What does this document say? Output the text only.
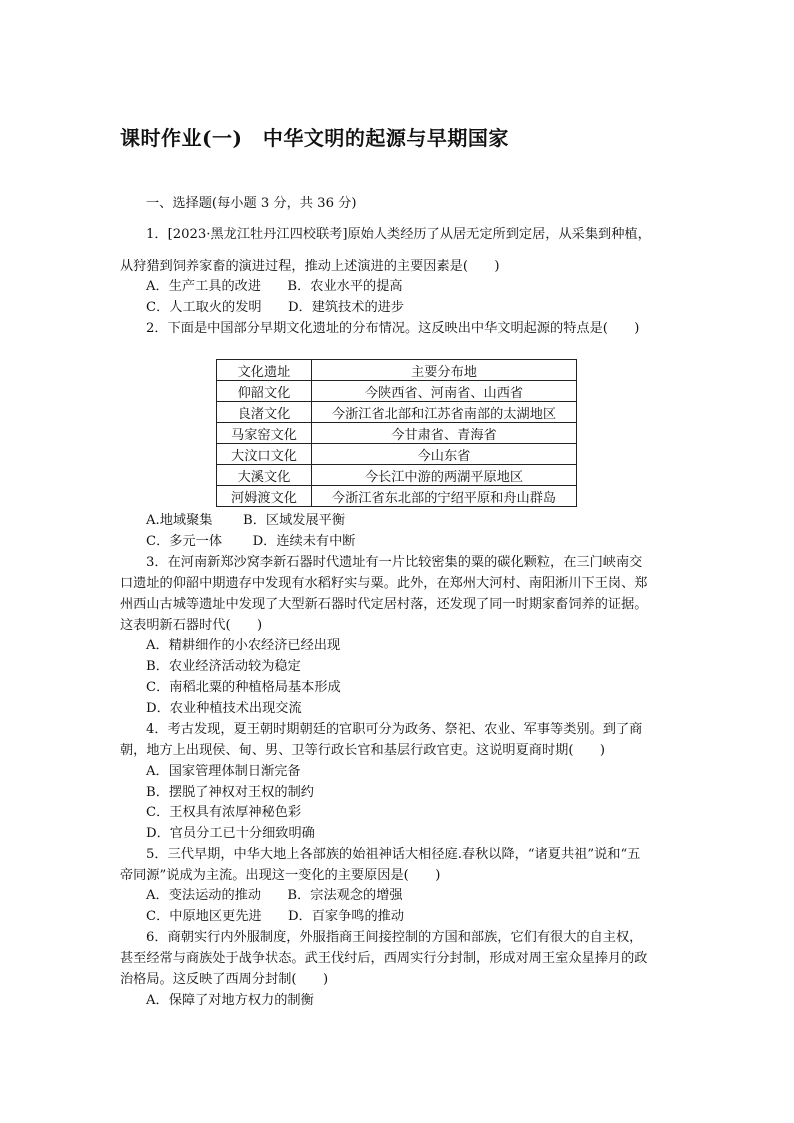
课时作业(一)　中华文明的起源与早期国家
一、选择题(每小题 3 分，共 36 分)
1．[2023·黑龙江牡丹江四校联考]原始人类经历了从居无定所到定居，从采集到种植，
从狩猎到饲养家畜的演进过程，推动上述演进的主要因素是(　　)
A．生产工具的改进　　B．农业水平的提高
C．人工取火的发明　　D．建筑技术的进步
2．下面是中国部分早期文化遗址的分布情况。这反映出中华文明起源的特点是(　　)
文化遗址	主要分布地
仰韶文化	今陕西省、河南省、山西省
良渚文化	今浙江省北部和江苏省南部的太湖地区
马家窑文化	今甘肃省、青海省
大汶口文化	今山东省
大溪文化	今长江中游的两湖平原地区
河姆渡文化	今浙江省东北部的宁绍平原和舟山群岛
A.地域聚集　　 B．区域发展平衡
C．多元一体　　 D．连续未有中断
3．在河南新郑沙窝李新石器时代遗址有一片比较密集的粟的碳化颗粒，在三门峡南交
口遗址的仰韶中期遗存中发现有水稻籽实与粟。此外，在郑州大河村、南阳淅川下王岗、郑
州西山古城等遗址中发现了大型新石器时代定居村落，还发现了同一时期家畜饲养的证据。
这表明新石器时代(　　)
A．精耕细作的小农经济已经出现
B．农业经济活动较为稳定
C．南稻北粟的种植格局基本形成
D．农业种植技术出现交流
4．考古发现，夏王朝时期朝廷的官职可分为政务、祭祀、农业、军事等类别。到了商
朝，地方上出现侯、甸、男、卫等行政长官和基层行政官吏。这说明夏商时期(　　)
A．国家管理体制日渐完备
B．摆脱了神权对王权的制约
C．王权具有浓厚神秘色彩
D．官员分工已十分细致明确
5．三代早期，中华大地上各部族的始祖神话大相径庭.春秋以降，“诸夏共祖”说和“五
帝同源”说成为主流。出现这一变化的主要原因是(　　)
A．变法运动的推动　　B．宗法观念的增强
C．中原地区更先进　　D．百家争鸣的推动
6．商朝实行内外服制度，外服指商王间接控制的方国和部族，它们有很大的自主权，
甚至经常与商族处于战争状态。武王伐纣后，西周实行分封制，形成对周王室众星捧月的政
治格局。这反映了西周分封制(　　)
A．保障了对地方权力的制衡
